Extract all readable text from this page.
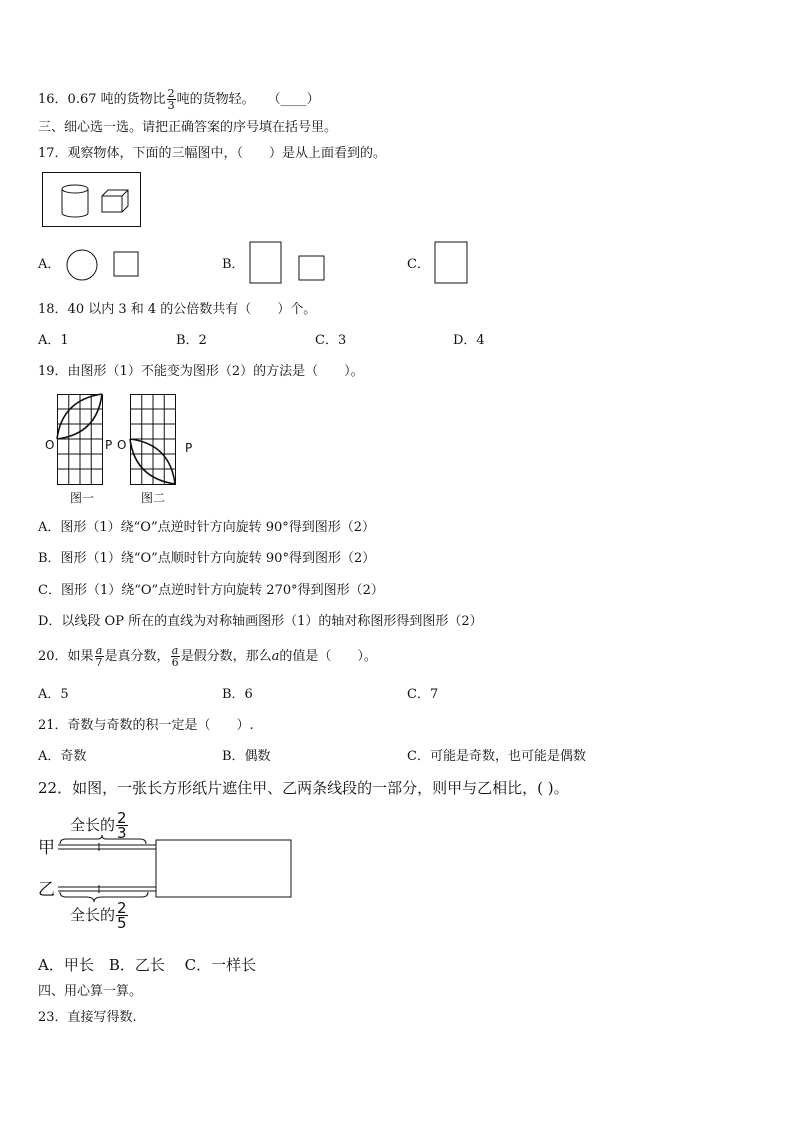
16．0.67 吨的货物比 $\frac{2}{3}$ 吨的货物轻。  （____）
三、细心选一选。请把正确答案的序号填在括号里。
17．观察物体，下面的三幅图中，（　　）是从上面看到的。
A．	B．	C．
18．40 以内 3 和 4 的公倍数共有（　　）个。
A．1	B．2	C．3	D．4
19．由图形（1）不能变为图形（2）的方法是（　　）。
O	P
图一
O	P
图二
A．图形（1）绕“O”点逆时针方向旋转 90°得到图形（2）
B．图形（1）绕“O”点顺时针方向旋转 90°得到图形（2）
C．图形（1）绕“O”点逆时针方向旋转 270°得到图形（2）
D．以线段 OP 所在的直线为对称轴画图形（1）的轴对称图形得到图形（2）
20．如果 $\frac{a}{7}$ 是真分数， $\frac{a}{6}$ 是假分数，那么a的值是（　　）。
A．5	B．6	C．7
21．奇数与奇数的积一定是（　　）.
A．奇数	B．偶数	C．可能是奇数，也可能是偶数
22．如图，一张长方形纸片遮住甲、乙两条线段的一部分，则甲与乙相比，( )。
甲
乙
全长的 $\frac{2}{3}$
全长的 $\frac{2}{5}$
A．甲长　B．乙长　 C．一样长
四、用心算一算。
23．直接写得数.
